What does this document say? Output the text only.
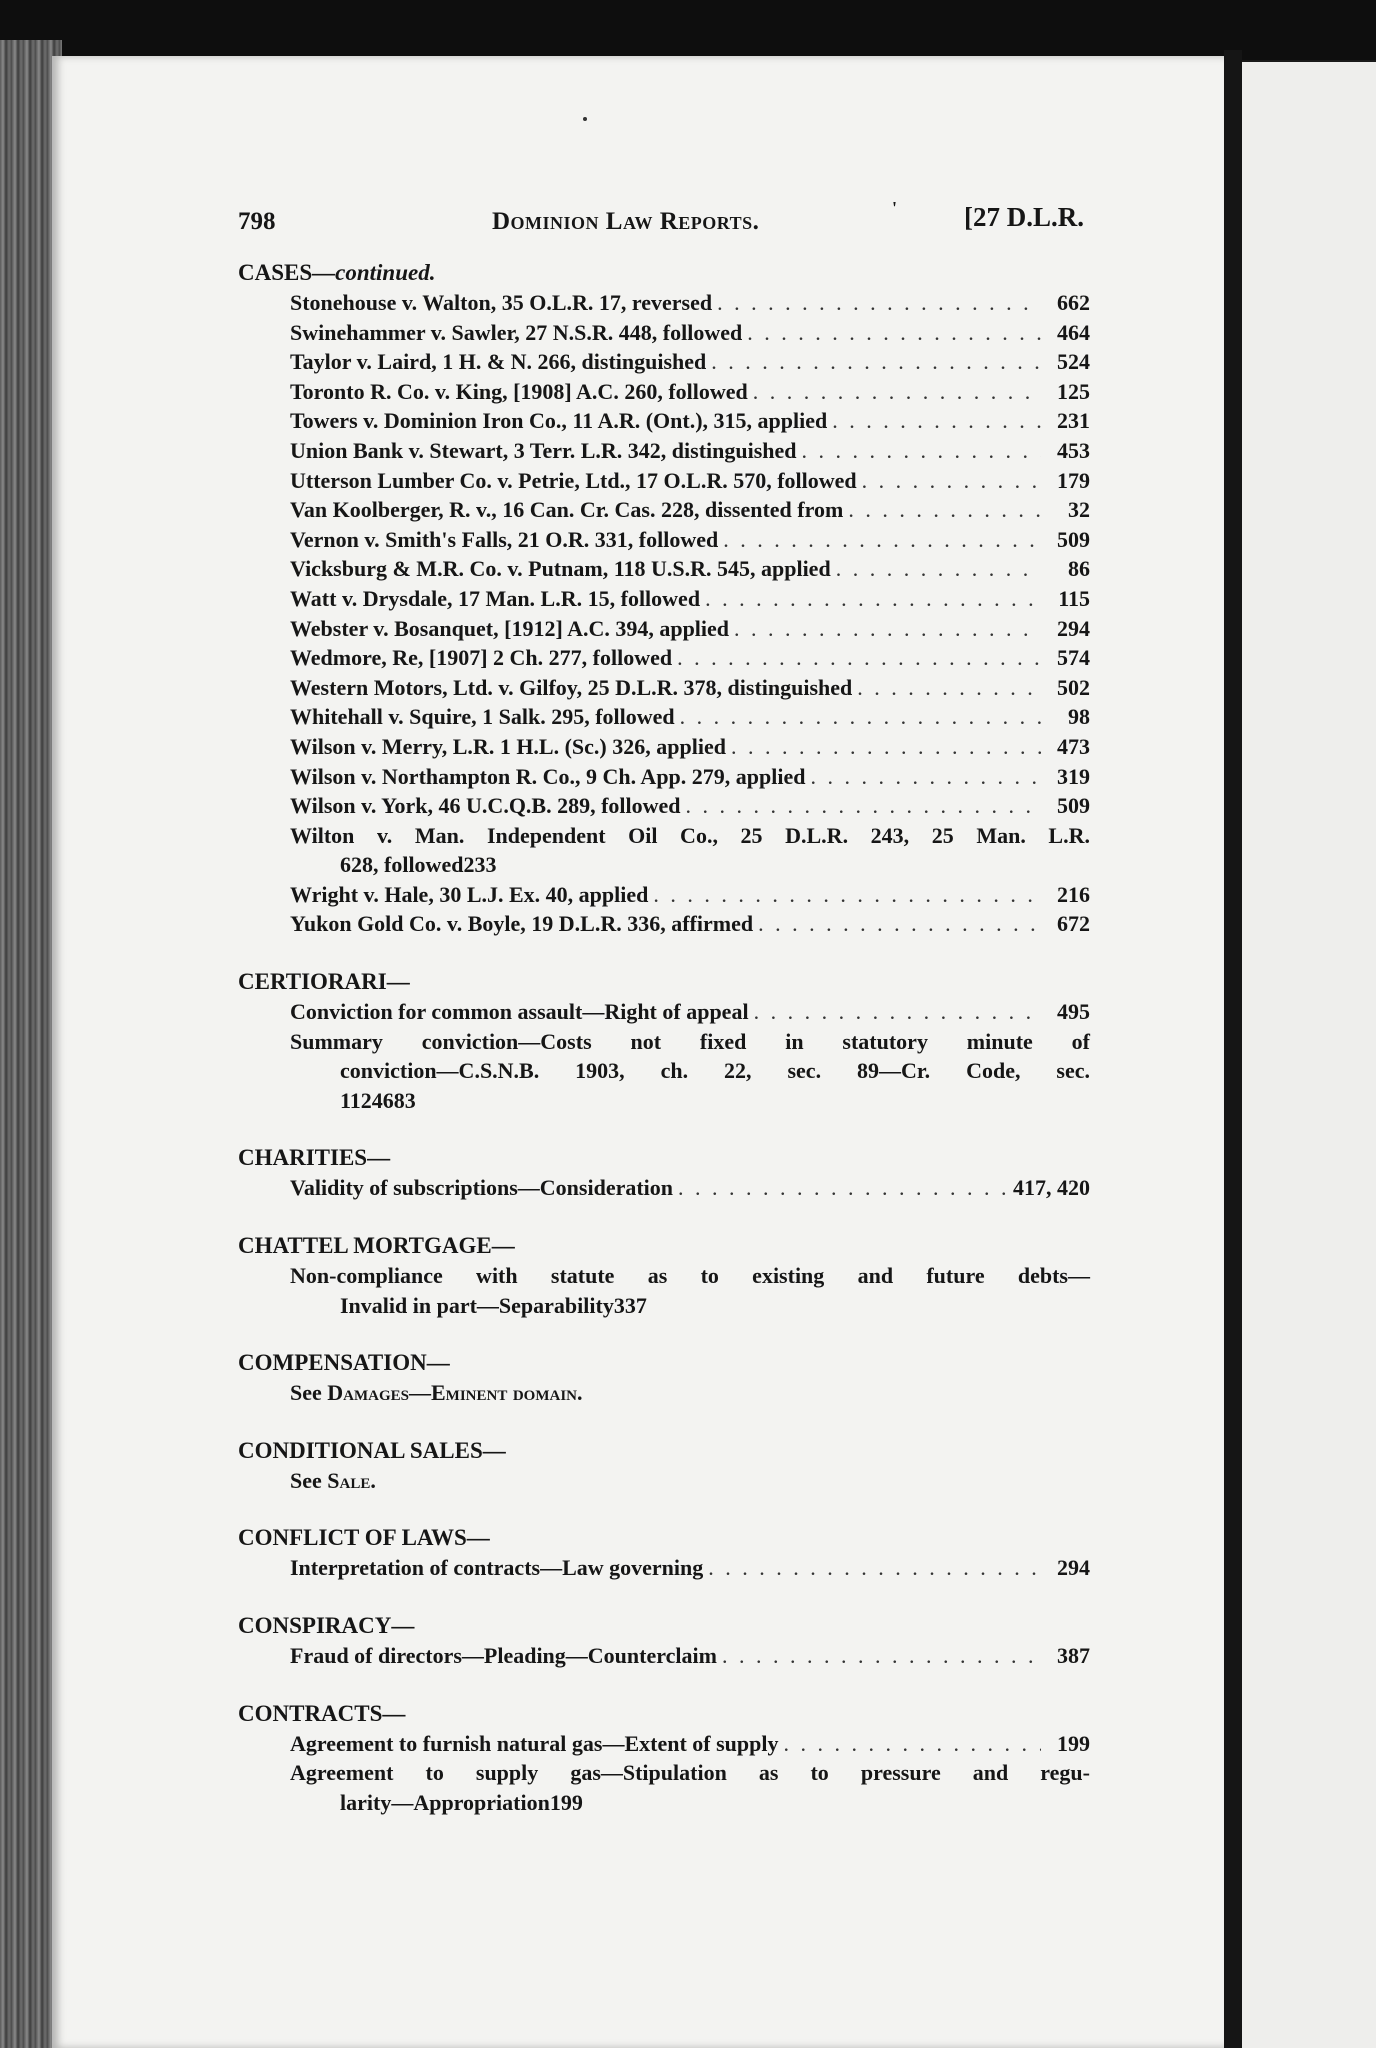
798	Dominion Law Reports.	' [27 D.L.R.
CASES—continued.
Stonehouse v. Walton, 35 O.L.R. 17, reversed . . .	662
Swinehammer v. Sawler, 27 N.S.R. 448, followed . . .	464
Taylor v. Laird, 1 H. & N. 266, distinguished . . .	524
Toronto R. Co. v. King, [1908] A.C. 260, followed . . .	125
Towers v. Dominion Iron Co., 11 A.R. (Ont.), 315, applied . . .	231
Union Bank v. Stewart, 3 Terr. L.R. 342, distinguished . . .	453
Utterson Lumber Co. v. Petrie, Ltd., 17 O.L.R. 570, followed . . .	179
Van Koolberger, R. v., 16 Can. Cr. Cas. 228, dissented from . . .	32
Vernon v. Smith's Falls, 21 O.R. 331, followed . . .	509
Vicksburg & M.R. Co. v. Putnam, 118 U.S.R. 545, applied . . .	86
Watt v. Drysdale, 17 Man. L.R. 15, followed . . .	115
Webster v. Bosanquet, [1912] A.C. 394, applied . . .	294
Wedmore, Re, [1907] 2 Ch. 277, followed . . .	574
Western Motors, Ltd. v. Gilfoy, 25 D.L.R. 378, distinguished . . .	502
Whitehall v. Squire, 1 Salk. 295, followed . . .	98
Wilson v. Merry, L.R. 1 H.L. (Sc.) 326, applied . . .	473
Wilson v. Northampton R. Co., 9 Ch. App. 279, applied . . .	319
Wilson v. York, 46 U.C.Q.B. 289, followed . . .	509
Wilton v. Man. Independent Oil Co., 25 D.L.R. 243, 25 Man. L.R.
628, followed 233
Wright v. Hale, 30 L.J. Ex. 40, applied . . .	216
Yukon Gold Co. v. Boyle, 19 D.L.R. 336, affirmed . . .	672
CERTIORARI—
Conviction for common assault—Right of appeal . . .	495
Summary conviction—Costs not fixed in statutory minute of
conviction—C.S.N.B. 1903, ch. 22, sec. 89—Cr. Code, sec.
1124 683
CHARITIES—
Validity of subscriptions—Consideration . . .	417, 420
CHATTEL MORTGAGE—
Non-compliance with statute as to existing and future debts—
Invalid in part—Separability 337
COMPENSATION—
See
Damages—Eminent domain.
CONDITIONAL SALES—
See
Sale.
CONFLICT OF LAWS—
Interpretation of contracts—Law governing . . .	294
CONSPIRACY—
Fraud of directors—Pleading—Counterclaim . . .	387
CONTRACTS—
Agreement to furnish natural gas—Extent of supply . . .	199
Agreement to supply gas—Stipulation as to pressure and regu-
larity—Appropriation 199
